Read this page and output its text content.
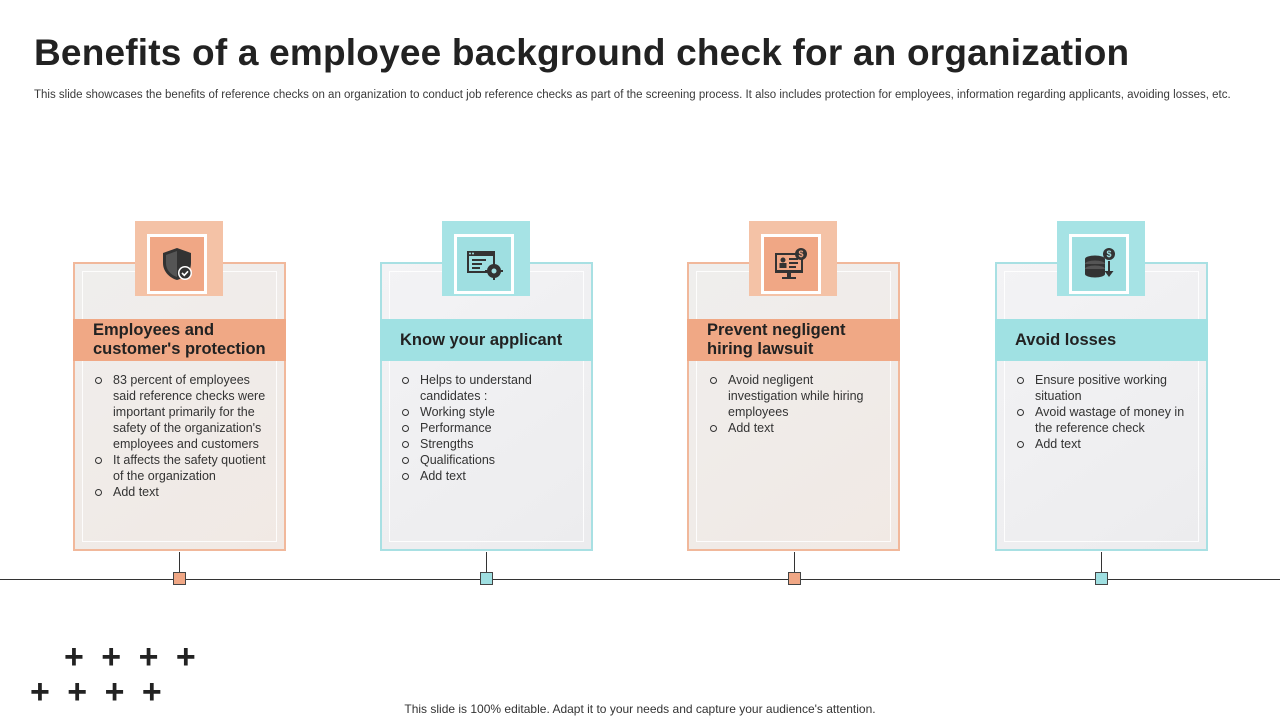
Benefits of a employee background check for an organization
This slide showcases the benefits of reference checks on an organization to conduct job reference checks as part of the screening process. It also includes protection for employees, information regarding applicants, avoiding losses, etc.
Employees and customer's protection
83 percent of employees said reference checks were important primarily for the safety of the organization's employees and customers
It affects the safety quotient of the organization
Add text
Know your applicant
Helps to understand candidates :
Working style
Performance
Strengths
Qualifications
Add text
$
Prevent negligent hiring lawsuit
Avoid negligent investigation while hiring employees
Add text
$
Avoid losses
Ensure positive working situation
Avoid wastage of money in the reference check
Add text
+ + + +
+ + + +	This slide is 100% editable. Adapt it to your needs and capture your audience's attention.
